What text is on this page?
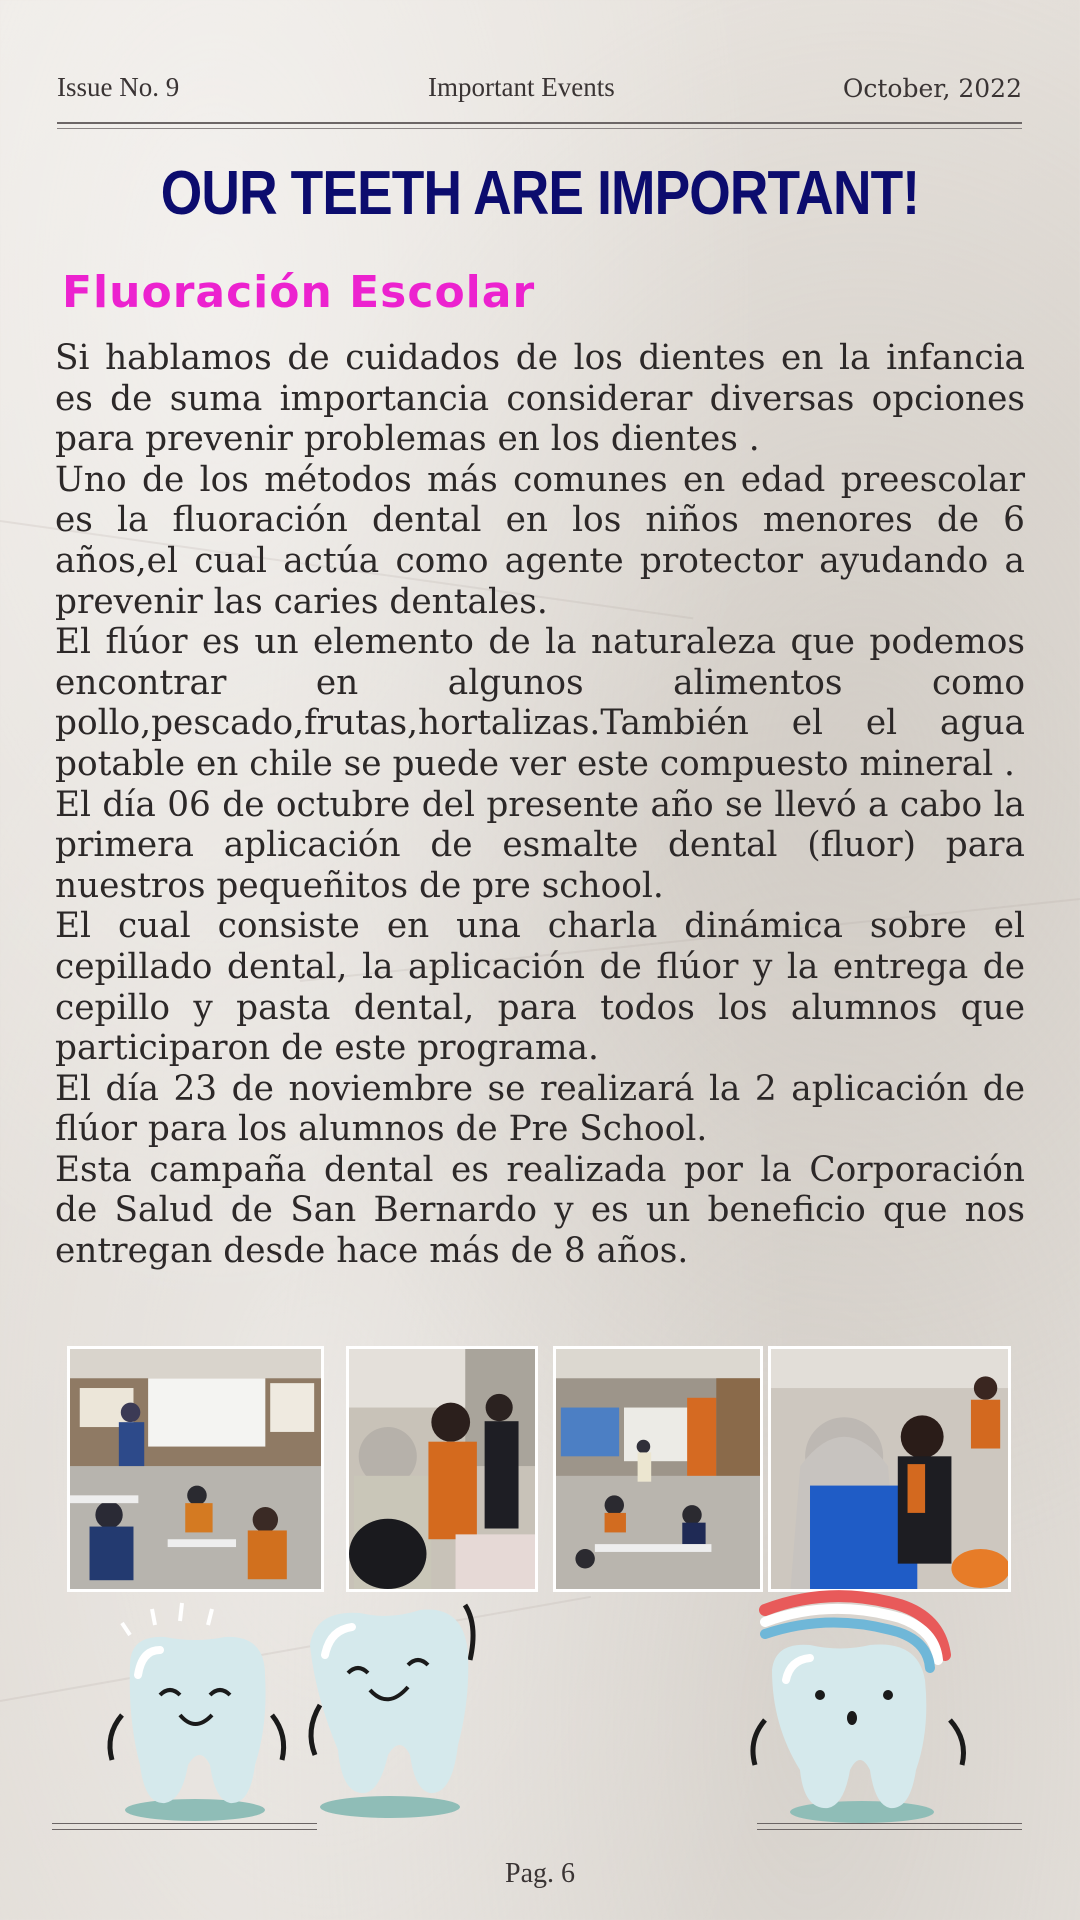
Issue No. 9	Important Events	October, 2022
OUR TEETH ARE IMPORTANT!
Fluoración Escolar

Si hablamos de cuidados de los dientes en la infancia es de suma importancia considerar diversas opciones para prevenir problemas en los dientes .

Uno de los métodos más comunes en edad preescolar es la fluoración dental en los niños menores de 6 años,el cual actúa como agente protector ayudando a prevenir las caries dentales.

El flúor es un elemento de la naturaleza que podemos encontrar en algunos alimentos como pollo,pescado,frutas,hortalizas.También el el agua potable en chile se puede ver este compuesto mineral .

El día 06 de octubre del presente año se llevó a cabo la primera aplicación de esmalte dental (fluor) para nuestros pequeñitos de pre school.

El cual consiste en una charla dinámica sobre el cepillado dental, la aplicación de flúor y la entrega de cepillo y pasta dental, para todos los alumnos que participaron de este programa.

El día 23 de noviembre se realizará la 2 aplicación de flúor para los alumnos de Pre School.

Esta campaña dental es realizada por la Corporación de Salud de San Bernardo y es un beneficio que nos entregan desde hace más de 8 años.

Pag. 6
